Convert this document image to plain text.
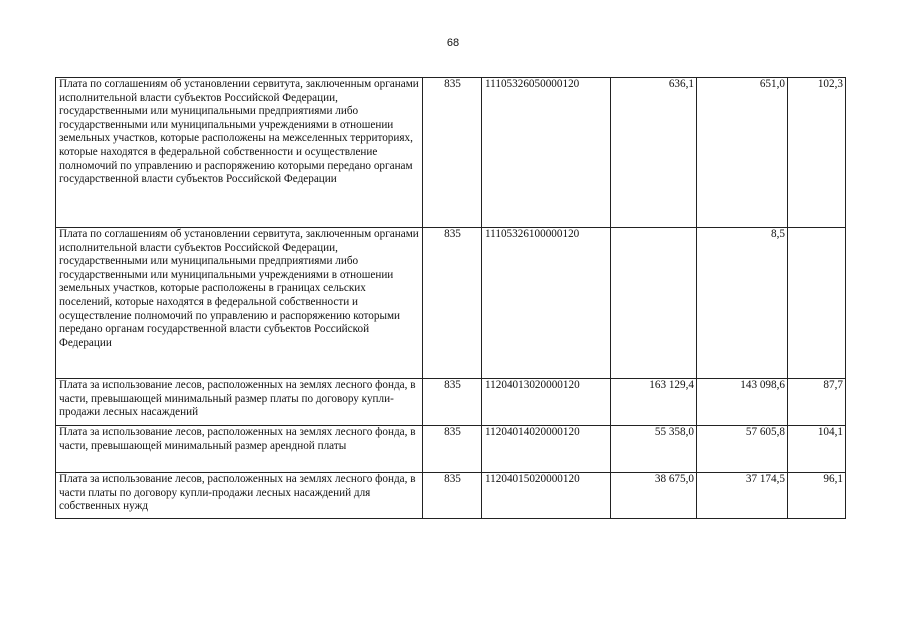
68
Плата по соглашениям об установлении сервитута, заключенным органами исполнительной власти субъектов Российской Федерации, государственными или муниципальными предприятиями либо государственными или муниципальными учреждениями в отношении земельных участков, которые расположены на межселенных территориях, которые находятся в федеральной собственности и осуществление полномочий по управлению и распоряжению которыми передано органам государственной власти субъектов Российской Федерации	835	11105326050000120	636,1	651,0	102,3
Плата по соглашениям об установлении сервитута, заключенным органами исполнительной власти субъектов Российской Федерации, государственными или муниципальными предприятиями либо государственными или муниципальными учреждениями в отношении земельных участков, которые расположены в границах сельских поселений, которые находятся в федеральной собственности и осуществление полномочий по управлению и распоряжению которыми передано органам государственной власти субъектов Российской Федерации	835	11105326100000120		8,5	
Плата за использование лесов, расположенных на землях лесного фонда, в части, превышающей минимальный размер платы по договору купли-продажи лесных насаждений	835	11204013020000120	163 129,4	143 098,6	87,7
Плата за использование лесов, расположенных на землях лесного фонда, в части, превышающей минимальный размер арендной платы	835	11204014020000120	55 358,0	57 605,8	104,1
Плата за использование лесов, расположенных на землях лесного фонда, в части платы по договору купли-продажи лесных насаждений для собственных нужд	835	11204015020000120	38 675,0	37 174,5	96,1
